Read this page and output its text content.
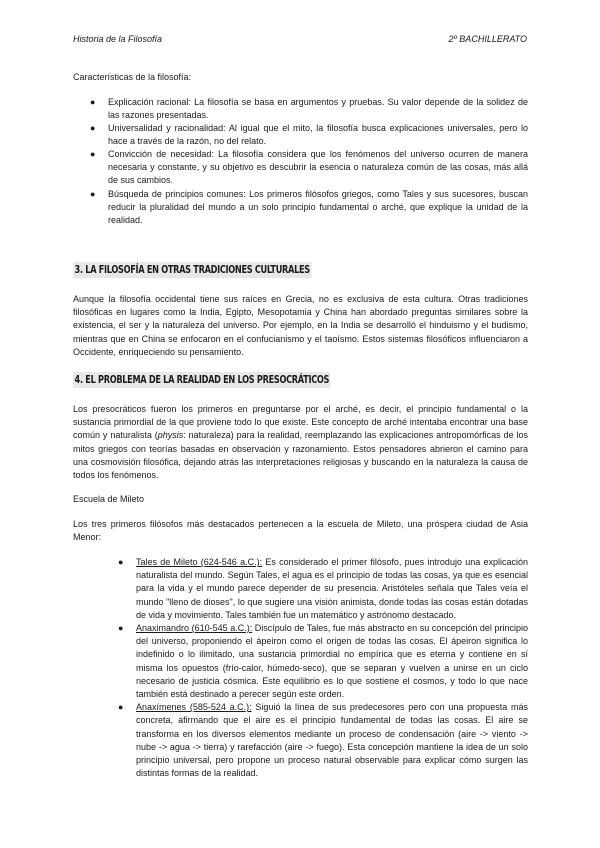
Historia de la Filosofía	2º BACHILLERATO
Características de la filosofía:
● Explicación racional: La filosofía se basa en argumentos y pruebas. Su valor depende de la solidez de las razones presentadas.
● Universalidad y racionalidad: Al igual que el mito, la filosofía busca explicaciones universales, pero lo hace a través de la razón, no del relato.
● Convicción de necesidad: La filosofía considera que los fenómenos del universo ocurren de manera necesaria y constante, y su objetivo es descubrir la esencia o naturaleza común de las cosas, más allá de sus cambios.
● Búsqueda de principios comunes: Los primeros filósofos griegos, como Tales y sus sucesores, buscan reducir la pluralidad del mundo a un solo principio fundamental o arché, que explique la unidad de la realidad.
3. LA FILOSOFÍA EN OTRAS TRADICIONES CULTURALES
Aunque la filosofía occidental tiene sus raíces en Grecia, no es exclusiva de esta cultura. Otras tradiciones filosóficas en lugares como la India, Egipto, Mesopotamia y China han abordado preguntas similares sobre la existencia, el ser y la naturaleza del universo. Por ejemplo, en la India se desarrolló el hinduismo y el budismo, mientras que en China se enfocaron en el confucianismo y el taoísmo. Estos sistemas filosóficos influenciaron a Occidente, enriqueciendo su pensamiento.
4. EL PROBLEMA DE LA REALIDAD EN LOS PRESOCRÁTICOS
Los presocráticos fueron los primeros en preguntarse por el arché, es decir, el principio fundamental o la sustancia primordial de la que proviene todo lo que existe. Este concepto de arché intentaba encontrar una base común y naturalista (physis: naturaleza) para la realidad, reemplazando las explicaciones antropomórficas de los mitos griegos con teorías basadas en observación y razonamiento. Estos pensadores abrieron el camino para una cosmovisión filosófica, dejando atrás las interpretaciones religiosas y buscando en la naturaleza la causa de todos los fenómenos.
Escuela de Mileto
Los tres primeros filósofos más destacados pertenecen a la escuela de Mileto, una próspera ciudad de Asia Menor:
● Tales de Mileto (624-546 a.C.): Es considerado el primer filósofo, pues introdujo una explicación naturalista del mundo. Según Tales, el agua es el principio de todas las cosas, ya que es esencial para la vida y el mundo parece depender de su presencia. Aristóteles señala que Tales veía el mundo "lleno de dioses", lo que sugiere una visión animista, donde todas las cosas están dotadas de vida y movimiento. Tales también fue un matemático y astrónomo destacado.
● Anaximandro (610-545 a.C.): Discípulo de Tales, fue más abstracto en su concepción del principio del universo, proponiendo el ápeiron como el origen de todas las cosas. El ápeiron significa lo indefinido o lo ilimitado, una sustancia primordial no empírica que es eterna y contiene en sí misma los opuestos (frío-calor, húmedo-seco), que se separan y vuelven a unirse en un ciclo necesario de justicia cósmica. Este equilibrio es lo que sostiene el cosmos, y todo lo que nace también está destinado a perecer según este orden.
● Anaxímenes (585-524 a.C.): Siguió la línea de sus predecesores pero con una propuesta más concreta, afirmando que el aire es el principio fundamental de todas las cosas. El aire se transforma en los diversos elementos mediante un proceso de condensación (aire -> viento -> nube -> agua -> tierra) y rarefacción (aire -> fuego). Esta concepción mantiene la idea de un solo principio universal, pero propone un proceso natural observable para explicar cómo surgen las distintas formas de la realidad.
